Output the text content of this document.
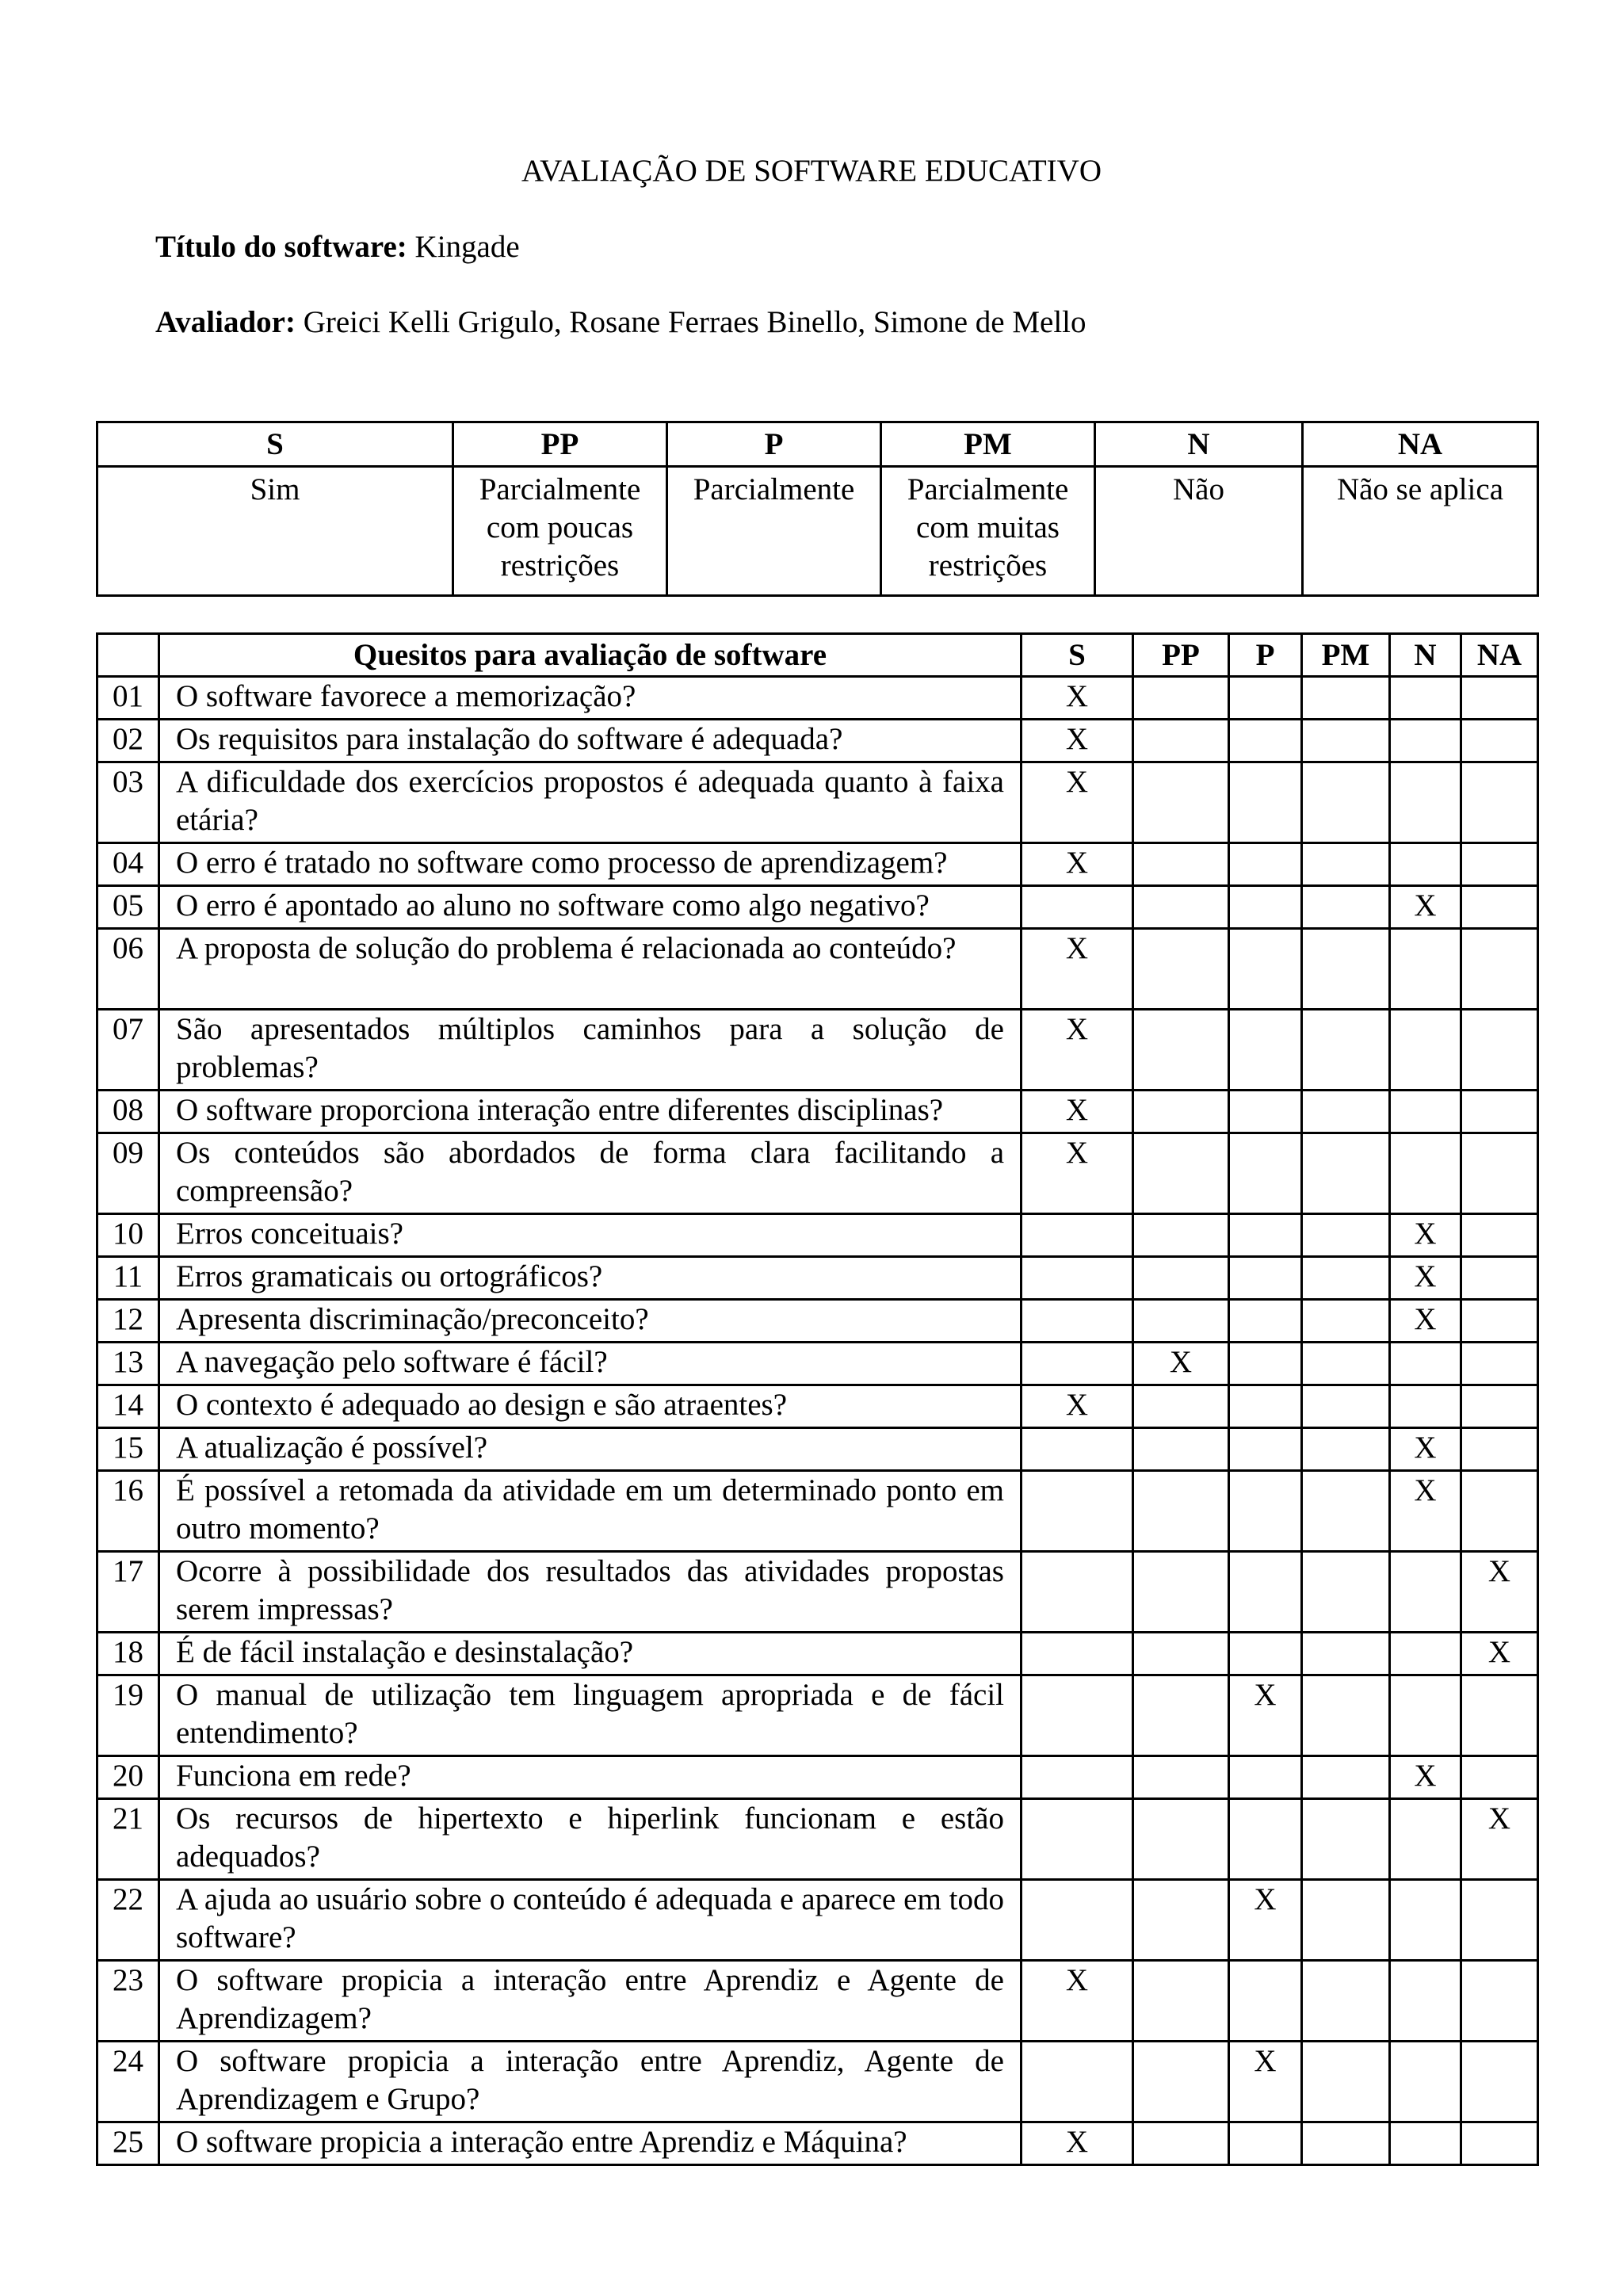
AVALIAÇÃO DE SOFTWARE EDUCATIVO
Título do software: Kingade
Avaliador: Greici Kelli Grigulo, Rosane Ferraes Binello, Simone de Mello
S	PP	P	PM	N	NA
Sim	Parcialmente com poucas restrições	Parcialmente	Parcialmente com muitas restrições	Não	Não se aplica
	Quesitos para avaliação de software	S	PP	P	PM	N	NA
01	O software favorece a memorização?	X					
02	Os requisitos para instalação do software é adequada?	X					
03	A dificuldade dos exercícios propostos é adequada quanto à faixa etária?	X					
04	O erro é tratado no software como processo de aprendizagem?	X					
05	O erro é apontado ao aluno no software como algo negativo?					X	
06	A proposta de solução do problema é relacionada ao conteúdo?	X					
07	São apresentados múltiplos caminhos para a solução de problemas?	X					
08	O software proporciona interação entre diferentes disciplinas?	X					
09	Os conteúdos são abordados de forma clara facilitando a compreensão?	X					
10	Erros conceituais?					X	
11	Erros gramaticais ou ortográficos?					X	
12	Apresenta discriminação/preconceito?					X	
13	A navegação pelo software é fácil?		X				
14	O contexto é adequado ao design e são atraentes?	X					
15	A atualização é possível?					X	
16	É possível a retomada da atividade em um determinado ponto em outro momento?					X	
17	Ocorre à possibilidade dos resultados das atividades propostas serem impressas?						X
18	É de fácil instalação e desinstalação?						X
19	O manual de utilização tem linguagem apropriada e de fácil entendimento?			X			
20	Funciona em rede?					X	
21	Os recursos de hipertexto e hiperlink funcionam e estão adequados?						X
22	A ajuda ao usuário sobre o conteúdo é adequada e aparece em todo software?			X			
23	O software propicia a interação entre Aprendiz e Agente de Aprendizagem?	X					
24	O software propicia a interação entre Aprendiz, Agente de Aprendizagem e Grupo?			X			
25	O software propicia a interação entre Aprendiz e Máquina?	X					
